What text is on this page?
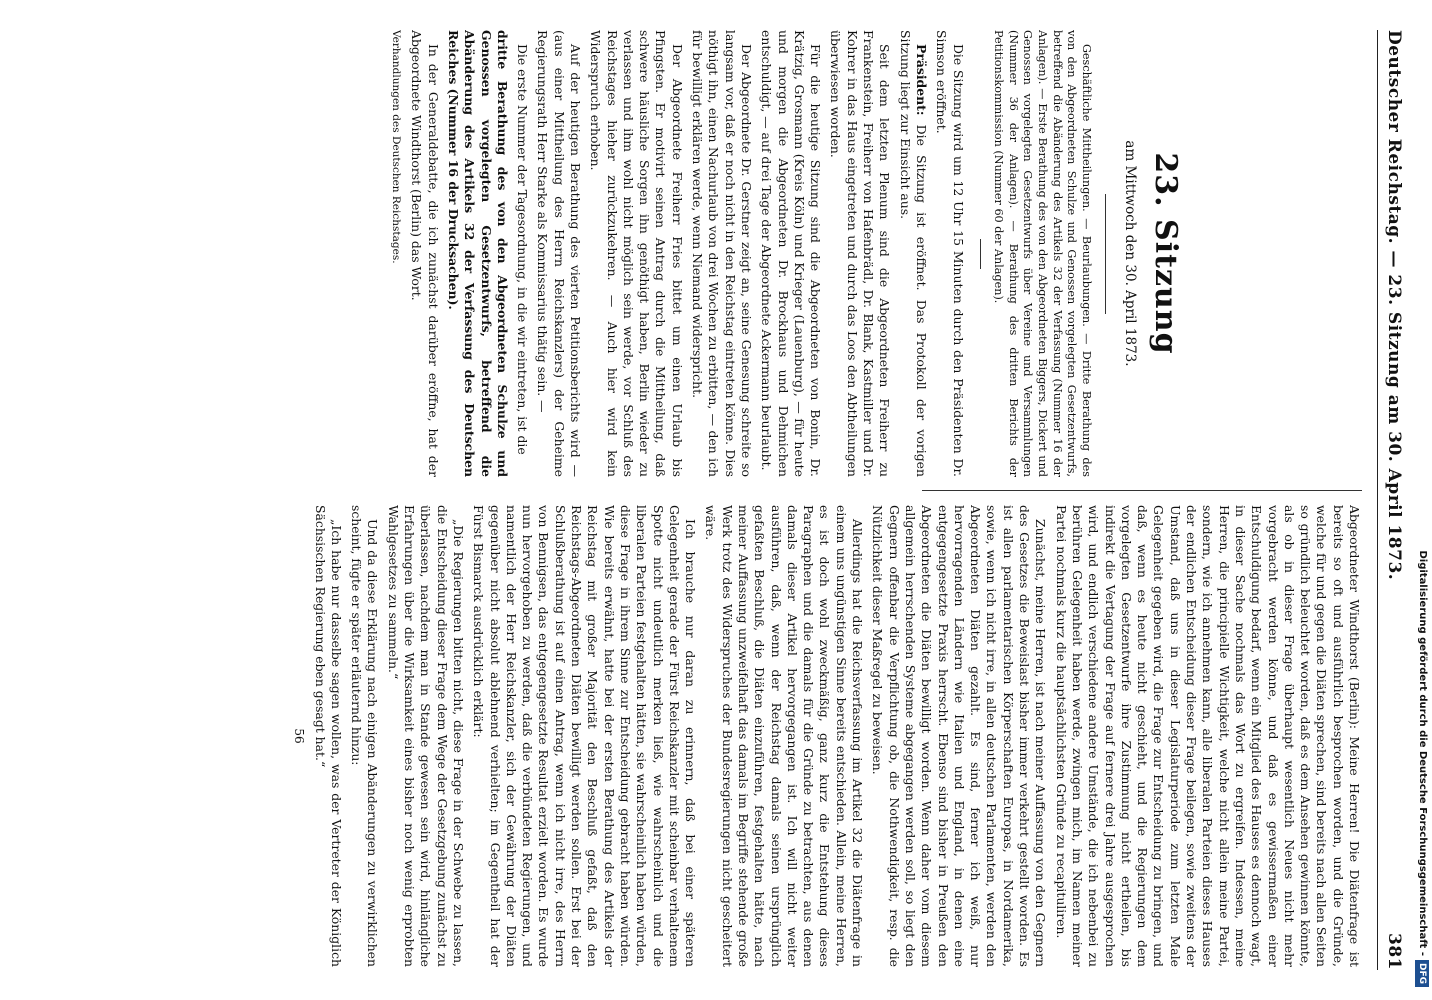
Deutscher Reichstag. — 23. Sitzung am 30. April 1873.
381
23. Sitzung
am Mittwoch den 30. April 1873.

Geschäftliche Mittheilungen. — Beurlaubungen. — Dritte Berathung des von den Abgeordneten Schulze und Genossen vorgelegten Gesetzentwurfs, betreffend die Abänderung des Artikels 32 der Verfassung (Nummer 16 der Anlagen). — Erste Berathung des von den Abgeordneten Biggers, Dickert und Genossen vorgelegten Gesetzentwurfs über Vereine und Versammlungen (Nummer 36 der Anlagen). — Berathung des dritten Berichts der Petitionskommission (Nummer 60 der Anlagen).

Die Sitzung wird um 12 Uhr 15 Minuten durch den Präsidenten Dr. Simson eröffnet.

Präsident: Die Sitzung ist eröffnet. Das Protokoll der vorigen Sitzung liegt zur Einsicht aus.

Seit dem letzten Plenum sind die Abgeordneten Freiherr zu Frankenstein, Freiherr von Hafenbrädl, Dr. Blank, Kastmiller und Dr. Kohrer in das Haus eingetreten und durch das Loos den Abtheilungen überwiesen worden.

Für die heutige Sitzung sind die Abgeordneten von Bonin, Dr. Krätzig, Grosmann (Kreis Köln) und Krieger (Lauenburg), — für heute und morgen die Abgeordneten Dr. Brockhaus und Dehmichen entschuldigt, — auf drei Tage der Abgeordnete Ackermann beurlaubt.

Der Abgeordnete Dr. Gerstner zeigt an, seine Genesung schreite so langsam vor, daß er noch nicht in den Reichstag eintreten könne. Dies nöthigt ihn, einen Nachurlaub von drei Wochen zu erbitten, — den ich für bewilligt erklären werde, wenn Niemand widerspricht.

Der Abgeordnete Freiherr Fries bittet um einen Urlaub bis Pfingsten. Er motivirt seinen Antrag durch die Mittheilung, daß schwere häusliche Sorgen ihn genöthigt haben, Berlin wieder zu verlassen und ihm wohl nicht möglich sein werde, vor Schluß des Reichstages hieher zurückzukehren. — Auch hier wird kein Widerspruch erhoben.

Auf der heutigen Berathung des vierten Petitionsberichts wird — (aus einer Mittheilung des Herrn Reichskanzlers) der Geheime Regierungsrath Herr Starke als Kommissarius thätig sein. —

Die erste Nummer der Tagesordnung, in die wir eintreten, ist die

dritte Berathung des von den Abgeordneten Schulze und Genossen vorgelegten Gesetzentwurfs, betreffend die Abänderung des Artikels 32 der Verfassung des Deutschen Reiches (Nummer 16 der Drucksachen).

In der Generaldebatte, die ich zunächst darüber eröffne, hat der Abgeordnete Windthorst (Berlin) das Wort.

Verhandlungen des Deutschen Reichstages.

Abgeordneter Windthorst (Berlin): Meine Herren! Die Diätenfrage ist bereits so oft und ausführlich besprochen worden, und die Gründe, welche für und gegen die Diäten sprechen, sind bereits nach allen Seiten so gründlich beleuchtet worden, daß es dem Ansehen gewinnen könnte, als ob in dieser Frage überhaupt wesentlich Neues nicht mehr vorgebracht werden könne, und daß es gewissermaßen einer Entschuldigung bedarf, wenn ein Mitglied des Hauses es dennoch wagt, in dieser Sache nochmals das Wort zu ergreifen. Indessen, meine Herren, die principielle Wichtigkeit, welche nicht allein meine Partei, sondern, wie ich annehmen kann, alle liberalen Parteien dieses Hauses der endlichen Entscheidung dieser Frage beilegen, sowie zweitens der Umstand, daß uns in dieser Legislaturperiode zum letzten Male Gelegenheit gegeben wird, die Frage zur Entscheidung zu bringen, und daß, wenn es heute nicht geschieht, und die Regierungen dem vorgelegten Gesetzentwurfe ihre Zustimmung nicht ertheilen, bis indirekt die Vertagung der Frage auf fernere drei Jahre ausgesprochen wird, und endlich verschiedene andere Umstände, die ich nebenbei zu berühren Gelegenheit haben werde, zwingen mich, im Namen meiner Partei nochmals kurz die hauptsächlichsten Gründe zu recapituliren.

Zunächst, meine Herren, ist nach meiner Auffassung von den Gegnern des Gesetzes die Beweislast bisher immer verkehrt gestellt worden. Es ist allen parlamentarischen Körperschaften Europas, in Nordamerika, sowie, wenn ich nicht irre, in allen deutschen Parlamenten, werden den Abgeordneten Diäten gezahlt. Es sind, ferner ich weiß, nur hervorragenden Ländern wie Italien und England, in denen eine entgegengesetzte Praxis herrscht. Ebenso sind bisher in Preußen den Abgeordneten die Diäten bewilligt worden. Wenn daher vom diesem allgemein herrschenden Systeme abgegangen werden soll, so liegt den Gegnern offenbar die Verpflichtung ob, die Nothwendigkeit, resp. die Nützlichkeit dieser Maßregel zu beweisen.

Allerdings hat die Reichsverfassung im Artikel 32 die Diätenfrage in einem uns ungünstigen Sinne bereits entschieden. Allein, meine Herren, es ist doch wohl zweckmäßig, ganz kurz die Entstehung dieses Paragraphen und die damals für die Gründe zu betrachten, aus denen damals dieser Artikel hervorgegangen ist. Ich will nicht weiter ausführen, daß, wenn der Reichstag damals seinen ursprünglich gefaßten Beschluß, die Diäten einzuführen, festgehalten hätte, nach meiner Auffassung unzweifelhaft das damals im Begriffe stehende große Werk trotz des Widerspruches der Bundesregierungen nicht gescheitert wäre.

Ich brauche nur daran zu erinnern, daß bei einer späteren Gelegenheit gerade der Fürst Reichskanzler mit scheinbar verhaltenem Spotte nicht undeutlich merken ließ, wie wahrscheinlich und die liberalen Parteien festgehalten hätten, sie wahrscheinlich haben würden, diese Frage in ihrem Sinne zur Entscheidung gebracht haben würden. Wie bereits erwähnt, hatte bei der ersten Berathung des Artikels der Reichstag mit großer Majorität den Beschluß gefaßt, daß den Reichstags-Abgeordneten Diäten bewilligt werden sollen. Erst bei der Schlußberathung ist auf einen Antrag, wenn ich nicht irre, des Herrn von Bennigsen, das entgegengesetzte Resultat erzielt worden. Es wurde nun hervorgehoben zu werden, daß die verbündeten Regierungen, und namentlich der Herr Reichskanzler, sich der Gewährung der Diäten gegenüber nicht absolut ablehnend verhielten; im Gegentheil hat der Fürst Bismarck ausdrücklich erklärt:

„Die Regierungen bitten nicht, diese Frage in der Schwebe zu lassen, die Entscheidung dieser Frage dem Wege der Gesetzgebung zunächst zu überlassen, nachdem man in Stande gewesen sein wird, hinlängliche Erfahrungen über die Wirksamkeit eines bisher noch wenig erprobten Wahlgesetzes zu sammeln.“

Und da diese Erklärung nach einigen Abänderungen zu verwirklichen scheint, fügte er später erläuternd hinzu:

„Ich habe nur dasselbe sagen wollen, was der Vertreter der Königlich Sächsischen Regierung eben gesagt hat.“

56	Digitalisierung gefördert durch die Deutsche Forschungsgemeinschaft -DFG
